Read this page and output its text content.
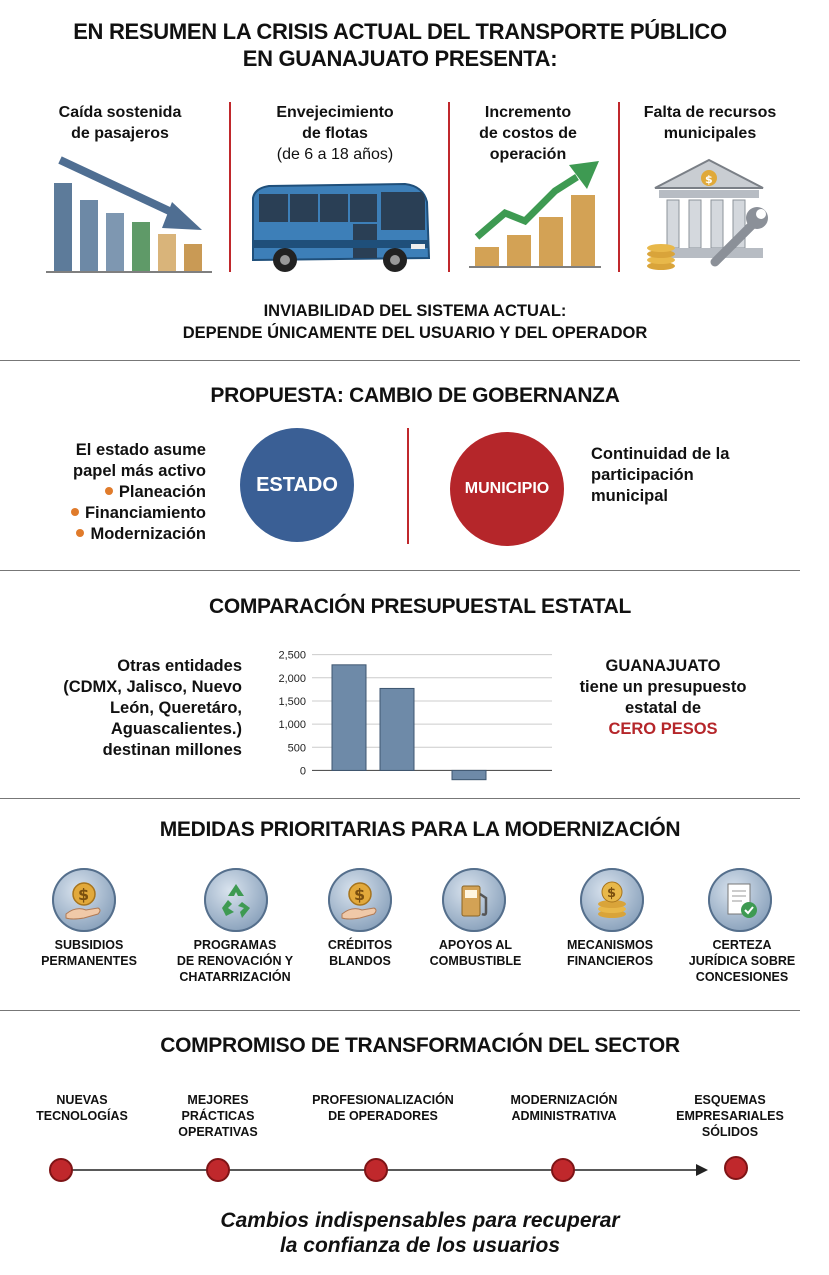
EN RESUMEN LA CRISIS ACTUAL DEL TRANSPORTE PÚBLICO
EN GUANAJUATO PRESENTA:
Caída sostenida
de pasajeros
Envejecimiento
de flotas
(de 6 a 18 años)
Incremento
de costos de
operación
Falta de recursos
municipales
$
INVIABILIDAD DEL SISTEMA ACTUAL:
DEPENDE ÚNICAMENTE DEL USUARIO Y DEL OPERADOR
PROPUESTA: CAMBIO DE GOBERNANZA
El estado asume
papel más activo
Planeación
Financiamiento
Modernización
ESTADO	MUNICIPIO
Continuidad de la
participación
municipal
COMPARACIÓN PRESUPUESTAL ESTATAL
Otras entidades
(CDMX, Jalisco, Nuevo
León, Queretáro,
Aguascalientes.)
destinan millones
0
500
1,000
1,500
2,000
2,500
GUANAJUATO
tiene un presupuesto
estatal de
CERO PESOS
MEDIDAS PRIORITARIAS PARA LA MODERNIZACIÓN
$	$	$
SUBSIDIOS
PERMANENTES
PROGRAMAS
DE RENOVACIÓN Y
CHATARRIZACIÓN
CRÉDITOS
BLANDOS
APOYOS AL
COMBUSTIBLE
MECANISMOS
FINANCIEROS
CERTEZA
JURÍDICA SOBRE
CONCESIONES
COMPROMISO DE TRANSFORMACIÓN DEL SECTOR
NUEVAS
TECNOLOGÍAS
MEJORES
PRÁCTICAS
OPERATIVAS
PROFESIONALIZACIÓN
DE OPERADORES
MODERNIZACIÓN
ADMINISTRATIVA
ESQUEMAS
EMPRESARIALES
SÓLIDOS
Cambios indispensables para recuperar
la confianza de los usuarios
